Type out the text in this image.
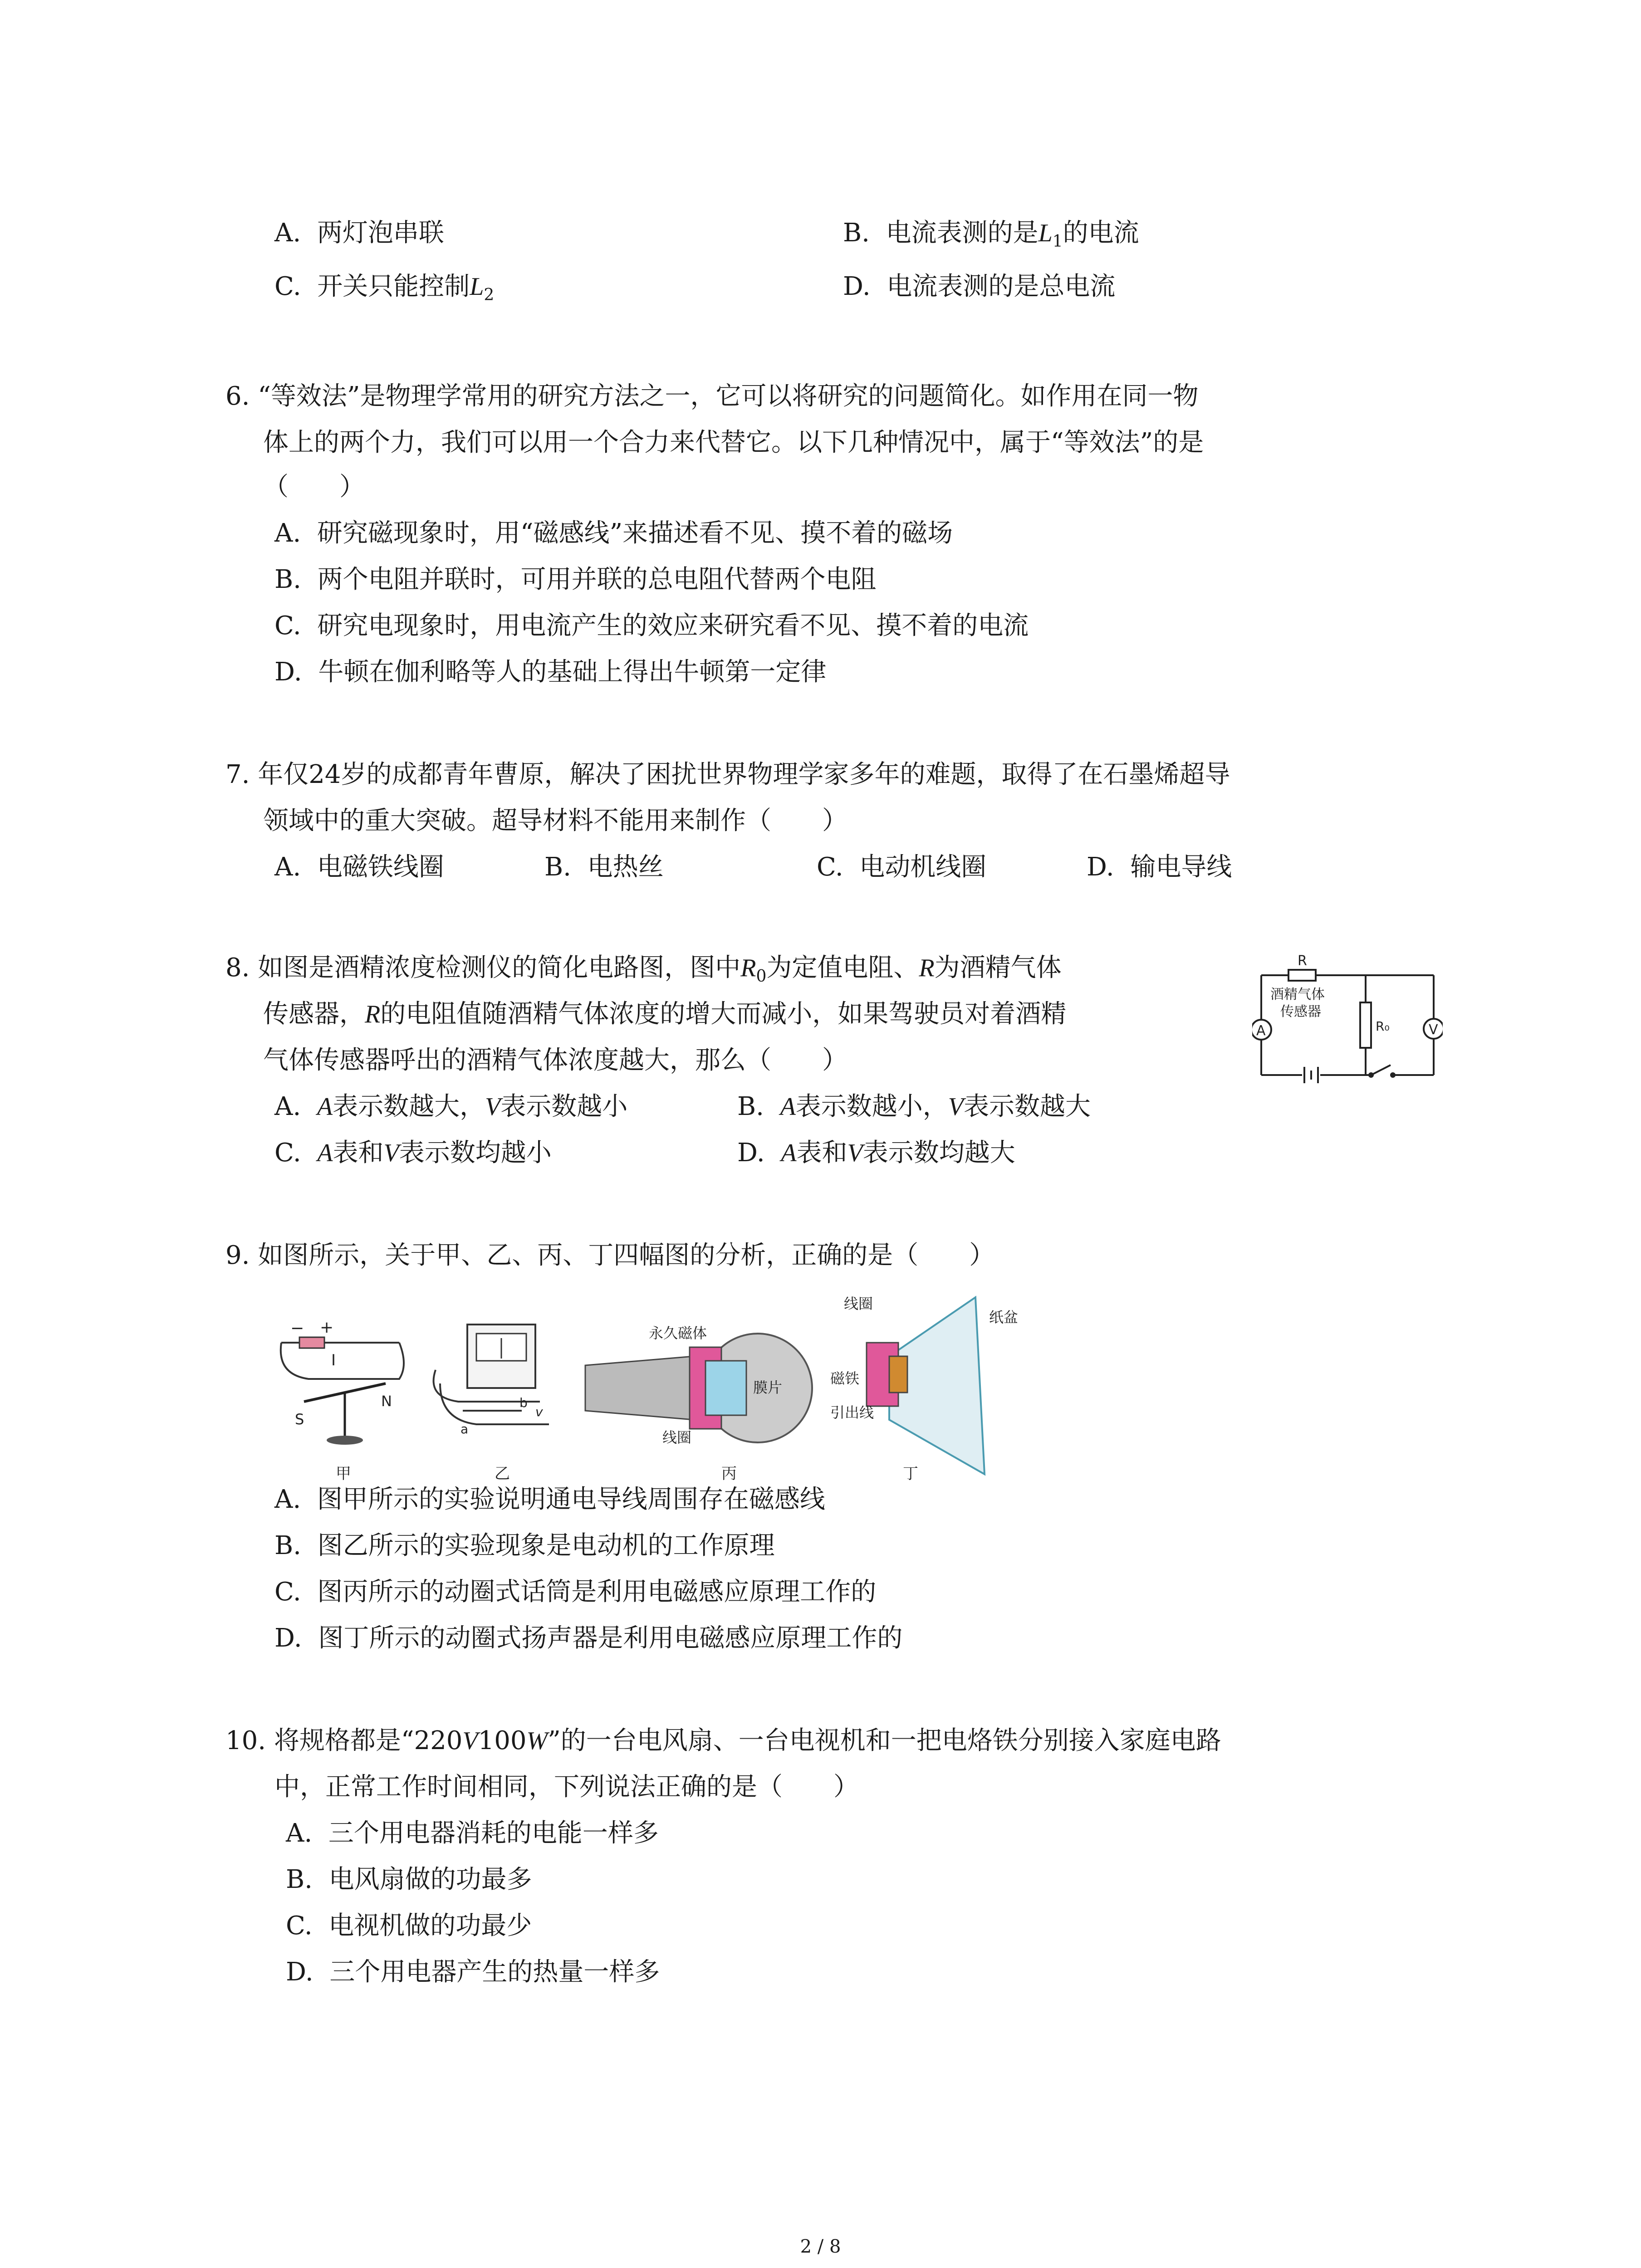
A. 两灯泡串联	B. 电流表测的是$L_1$的电流
C. 开关只能控制$L_2$	D. 电流表测的是总电流
6. “等效法”是物理学常用的研究方法之一，它可以将研究的问题简化。如作用在同一物
体上的两个力，我们可以用一个合力来代替它。以下几种情况中，属于“等效法”的是
（　　）
A. 研究磁现象时，用“磁感线”来描述看不见、摸不着的磁场
B. 两个电阻并联时，可用并联的总电阻代替两个电阻
C. 研究电现象时，用电流产生的效应来研究看不见、摸不着的电流
D. 牛顿在伽利略等人的基础上得出牛顿第一定律
7. 年仅24岁的成都青年曹原，解决了困扰世界物理学家多年的难题，取得了在石墨烯超导
领域中的重大突破。超导材料不能用来制作（　　）
A. 电磁铁线圈	B. 电热丝	C. 电动机线圈	D. 输电导线
8. 如图是酒精浓度检测仪的简化电路图，图中$R_0$为定值电阻、R为酒精气体
传感器，R的电阻值随酒精气体浓度的增大而减小，如果驾驶员对着酒精
气体传感器呼出的酒精气体浓度越大，那么（　　）
A. A表示数越大，V表示数越小	B. A表示数越小，V表示数越大
C. A表和V表示数均越小	D. A表和V表示数均越大
R
酒精气体
传感器
A	R₀	V
9. 如图所示，关于甲、乙、丙、丁四幅图的分析，正确的是（　　）
− +
I
S
N
甲
a
b
v
乙
永久磁体
膜片
线圈
丙
线圈
纸盆
磁铁
引出线
丁
A. 图甲所示的实验说明通电导线周围存在磁感线
B. 图乙所示的实验现象是电动机的工作原理
C. 图丙所示的动圈式话筒是利用电磁感应原理工作的
D. 图丁所示的动圈式扬声器是利用电磁感应原理工作的
10. 将规格都是“220V100W”的一台电风扇、一台电视机和一把电烙铁分别接入家庭电路
中，正常工作时间相同，下列说法正确的是（　　）
A. 三个用电器消耗的电能一样多
B. 电风扇做的功最多
C. 电视机做的功最少
D. 三个用电器产生的热量一样多
2 / 8
